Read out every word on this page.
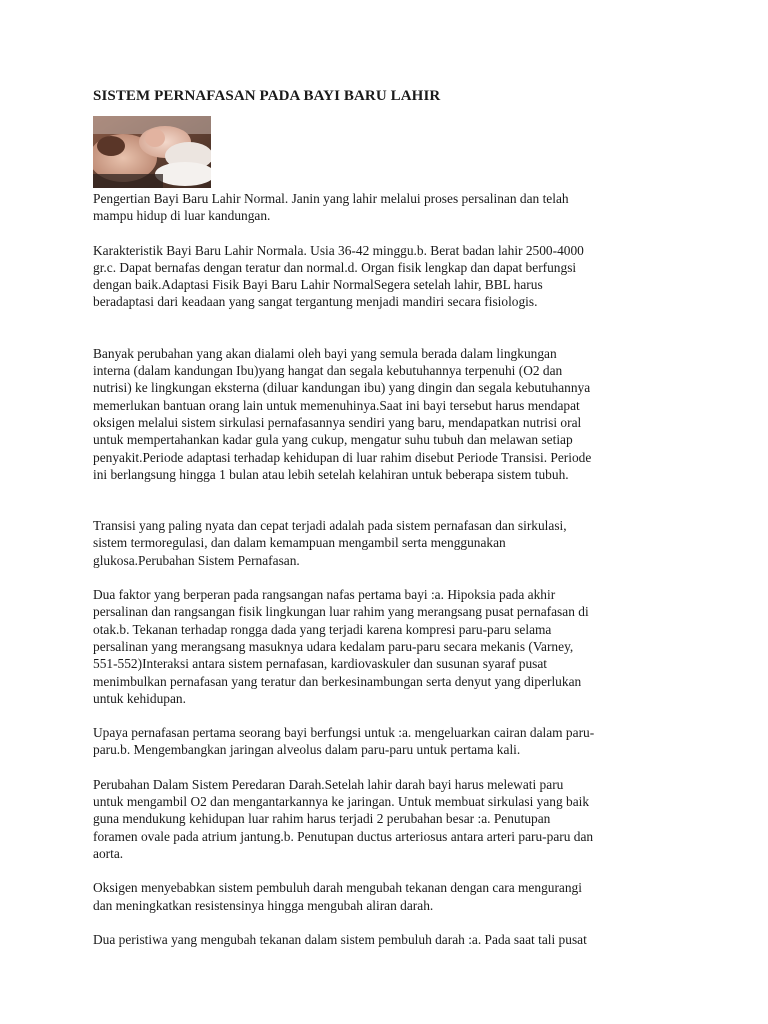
SISTEM PERNAFASAN PADA BAYI BARU LAHIR

Pengertian Bayi Baru Lahir Normal. Janin yang lahir melalui proses persalinan dan telah
mampu hidup di luar kandungan.

Karakteristik Bayi Baru Lahir Normala. Usia 36-42 minggu.b. Berat badan lahir 2500-4000
gr.c. Dapat bernafas dengan teratur dan normal.d. Organ fisik lengkap dan dapat berfungsi
dengan baik.Adaptasi Fisik Bayi Baru Lahir NormalSegera setelah lahir, BBL harus
beradaptasi dari keadaan yang sangat tergantung menjadi mandiri secara fisiologis.

Banyak perubahan yang akan dialami oleh bayi yang semula berada dalam lingkungan
interna (dalam kandungan Ibu)yang hangat dan segala kebutuhannya terpenuhi (O2 dan
nutrisi) ke lingkungan eksterna (diluar kandungan ibu) yang dingin dan segala kebutuhannya
memerlukan bantuan orang lain untuk memenuhinya.Saat ini bayi tersebut harus mendapat
oksigen melalui sistem sirkulasi pernafasannya sendiri yang baru, mendapatkan nutrisi oral
untuk mempertahankan kadar gula yang cukup, mengatur suhu tubuh dan melawan setiap
penyakit.Periode adaptasi terhadap kehidupan di luar rahim disebut Periode Transisi. Periode
ini berlangsung hingga 1 bulan atau lebih setelah kelahiran untuk beberapa sistem tubuh.

Transisi yang paling nyata dan cepat terjadi adalah pada sistem pernafasan dan sirkulasi,
sistem termoregulasi, dan dalam kemampuan mengambil serta menggunakan
glukosa.Perubahan Sistem Pernafasan.

Dua faktor yang berperan pada rangsangan nafas pertama bayi :a. Hipoksia pada akhir
persalinan dan rangsangan fisik lingkungan luar rahim yang merangsang pusat pernafasan di
otak.b. Tekanan terhadap rongga dada yang terjadi karena kompresi paru-paru selama
persalinan yang merangsang masuknya udara kedalam paru-paru secara mekanis (Varney,
551-552)Interaksi antara sistem pernafasan, kardiovaskuler dan susunan syaraf pusat
menimbulkan pernafasan yang teratur dan berkesinambungan serta denyut yang diperlukan
untuk kehidupan.

Upaya pernafasan pertama seorang bayi berfungsi untuk :a. mengeluarkan cairan dalam paru-
paru.b. Mengembangkan jaringan alveolus dalam paru-paru untuk pertama kali.

Perubahan Dalam Sistem Peredaran Darah.Setelah lahir darah bayi harus melewati paru
untuk mengambil O2 dan mengantarkannya ke jaringan. Untuk membuat sirkulasi yang baik
guna mendukung kehidupan luar rahim harus terjadi 2 perubahan besar :a. Penutupan
foramen ovale pada atrium jantung.b. Penutupan ductus arteriosus antara arteri paru-paru dan
aorta.

Oksigen menyebabkan sistem pembuluh darah mengubah tekanan dengan cara mengurangi
dan meningkatkan resistensinya hingga mengubah aliran darah.

Dua peristiwa yang mengubah tekanan dalam sistem pembuluh darah :a. Pada saat tali pusat
